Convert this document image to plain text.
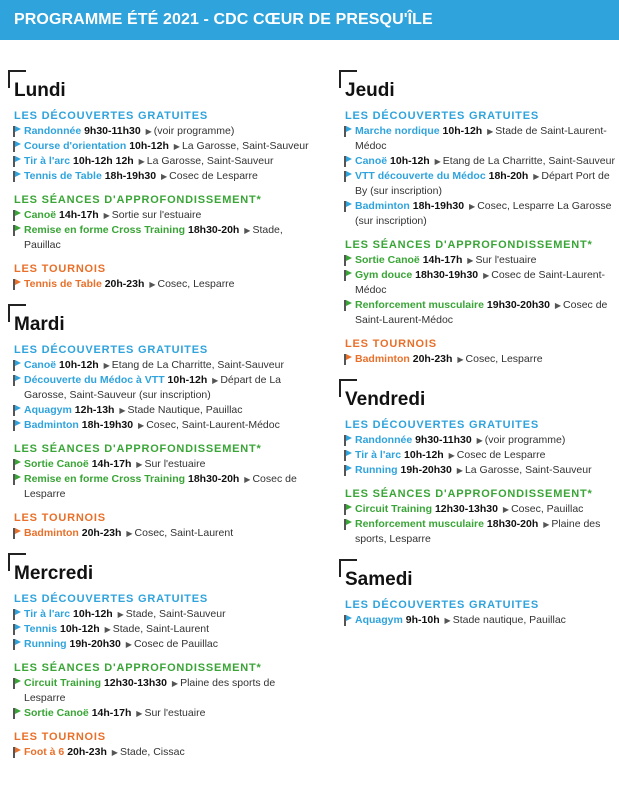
PROGRAMME ÉTÉ 2021 - CDC CŒUR DE PRESQU'ÎLE
Lundi
LES DÉCOUVERTES GRATUITES
Randonnée 9h30-11h30 ▶ (voir programme)
Course d'orientation 10h-12h ▶ La Garosse, Saint-Sauveur
Tir à l'arc 10h-12h 12h ▶ La Garosse, Saint-Sauveur
Tennis de Table 18h-19h30 ▶ Cosec de Lesparre
LES SÉANCES D'APPROFONDISSEMENT*
Canoë 14h-17h ▶ Sortie sur l'estuaire
Remise en forme Cross Training 18h30-20h ▶ Stade, Pauillac
LES TOURNOIS
Tennis de Table 20h-23h ▶ Cosec, Lesparre
Mardi
LES DÉCOUVERTES GRATUITES
Canoë 10h-12h ▶ Etang de La Charritte, Saint-Sauveur
Découverte du Médoc à VTT 10h-12h ▶ Départ de La Garosse, Saint-Sauveur (sur inscription)
Aquagym 12h-13h ▶ Stade Nautique, Pauillac
Badminton 18h-19h30 ▶ Cosec, Saint-Laurent-Médoc
LES SÉANCES D'APPROFONDISSEMENT*
Sortie Canoë 14h-17h ▶ Sur l'estuaire
Remise en forme Cross Training 18h30-20h ▶ Cosec de Lesparre
LES TOURNOIS
Badminton 20h-23h ▶ Cosec, Saint-Laurent
Mercredi
LES DÉCOUVERTES GRATUITES
Tir à l'arc 10h-12h ▶ Stade, Saint-Sauveur
Tennis 10h-12h ▶ Stade, Saint-Laurent
Running 19h-20h30 ▶ Cosec de Pauillac
LES SÉANCES D'APPROFONDISSEMENT*
Circuit Training 12h30-13h30 ▶ Plaine des sports de Lesparre
Sortie Canoë 14h-17h ▶ Sur l'estuaire
LES TOURNOIS
Foot à 6 20h-23h ▶ Stade, Cissac
Jeudi
LES DÉCOUVERTES GRATUITES
Marche nordique 10h-12h ▶ Stade de Saint-Laurent-Médoc
Canoë 10h-12h ▶ Etang de La Charritte, Saint-Sauveur
VTT découverte du Médoc 18h-20h ▶ Départ Port de By (sur inscription)
Badminton 18h-19h30 ▶ Cosec, Lesparre La Garosse (sur inscription)
LES SÉANCES D'APPROFONDISSEMENT*
Sortie Canoë 14h-17h ▶ Sur l'estuaire
Gym douce 18h30-19h30 ▶ Cosec de Saint-Laurent-Médoc
Renforcement musculaire 19h30-20h30 ▶ Cosec de Saint-Laurent-Médoc
LES TOURNOIS
Badminton 20h-23h ▶ Cosec, Lesparre
Vendredi
LES DÉCOUVERTES GRATUITES
Randonnée 9h30-11h30 ▶ (voir programme)
Tir à l'arc 10h-12h ▶ Cosec de Lesparre
Running 19h-20h30 ▶ La Garosse, Saint-Sauveur
LES SÉANCES D'APPROFONDISSEMENT*
Circuit Training 12h30-13h30 ▶ Cosec, Pauillac
Renforcement musculaire 18h30-20h ▶ Plaine des sports, Lesparre
Samedi
LES DÉCOUVERTES GRATUITES
Aquagym 9h-10h ▶ Stade nautique, Pauillac
